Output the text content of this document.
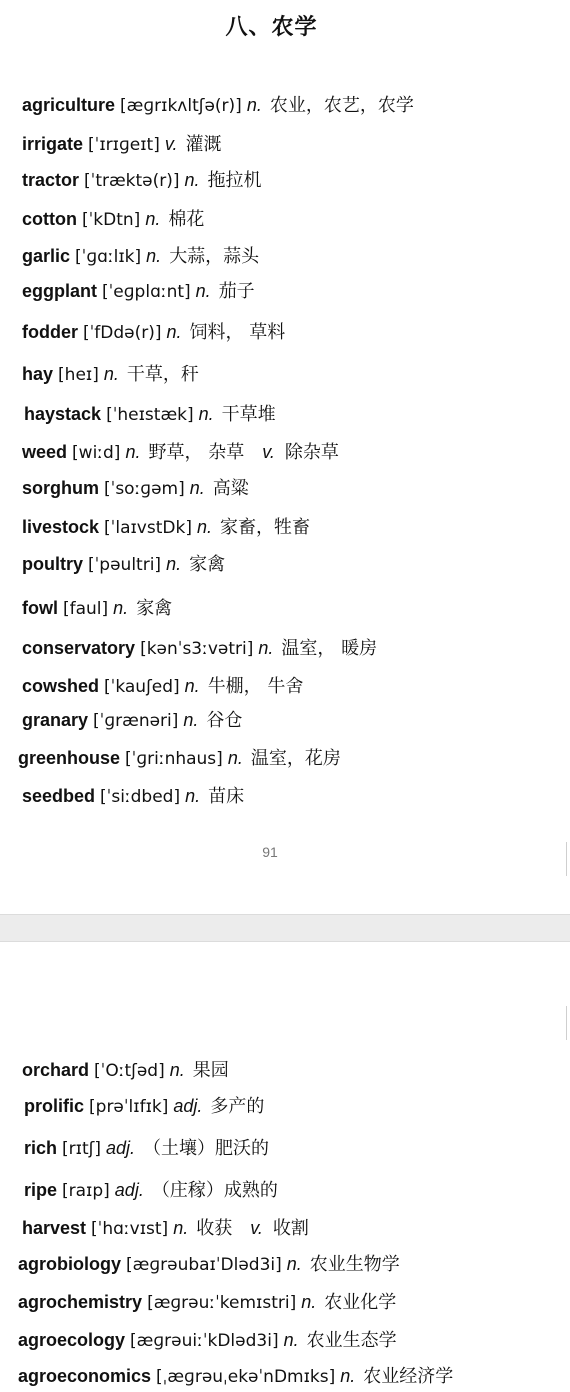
八、农学
agriculture [æɡrɪkʌltʃə(r)] n. 农业，农艺，农学
irrigate [ˈɪrɪɡeɪt] v. 灌溉
tractor [ˈtræktə(r)] n. 拖拉机
cotton [ˈkDtn] n. 棉花
garlic [ˈɡɑːlɪk] n. 大蒜，蒜头
eggplant [ˈeɡplɑːnt] n. 茄子
fodder [ˈfDdə(r)] n. 饲料， 草料
hay [heɪ] n. 干草，秆
haystack [ˈheɪstæk] n. 干草堆
weed [wiːd] n. 野草， 杂草 v. 除杂草
sorghum [ˈsoːɡəm] n. 高粱
livestock [ˈlaɪvstDk] n. 家畜，牲畜
poultry [ˈpəultri] n. 家禽
fowl [faul] n. 家禽
conservatory [kənˈs3ːvətri] n. 温室， 暖房
cowshed [ˈkauʃed] n. 牛棚， 牛舍
granary [ˈɡrænəri] n. 谷仓
greenhouse [ˈɡriːnhaus] n. 温室，花房
seedbed [ˈsiːdbed] n. 苗床
91
orchard [ˈOːtʃəd] n. 果园
prolific [prəˈlɪfɪk] adj. 多产的
rich [rɪtʃ] adj. （土壤）肥沃的
ripe [raɪp] adj. （庄稼）成熟的
harvest [ˈhɑːvɪst] n. 收获 v. 收割
agrobiology [æɡrəubaɪˈDləd3i] n. 农业生物学
agrochemistry [æɡrəuːˈkemɪstri] n. 农业化学
agroecology [æɡrəuiːˈkDləd3i] n. 农业生态学
agroeconomics [ˌæɡrəuˌekəˈnDmɪks] n. 农业经济学
